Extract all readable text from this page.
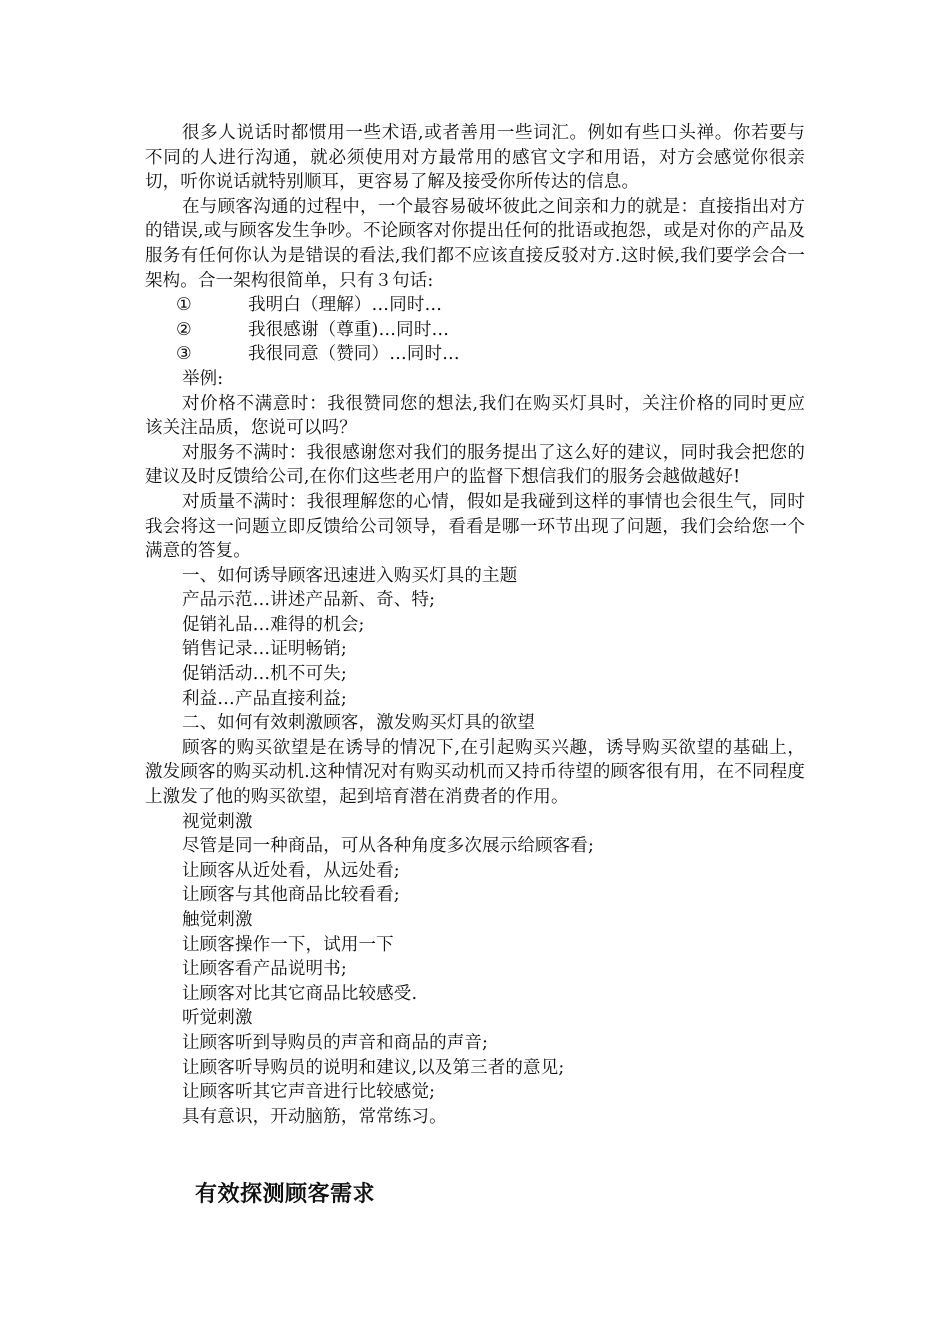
很多人说话时都惯用一些术语,或者善用一些词汇。例如有些口头禅。你若要与不同的人进行沟通，就必须使用对方最常用的感官文字和用语，对方会感觉你很亲切，听你说话就特别顺耳，更容易了解及接受你所传达的信息。

在与顾客沟通的过程中，一个最容易破坏彼此之间亲和力的就是：直接指出对方的错误,或与顾客发生争吵。不论顾客对你提出任何的批语或抱怨，或是对你的产品及服务有任何你认为是错误的看法,我们都不应该直接反驳对方.这时候,我们要学会合一架构。合一架构很简单，只有３句话:

①	我明白（理解）…同时…
②	我很感谢（尊重)…同时…
③	我很同意（赞同）…同时…

举例:

对价格不满意时：我很赞同您的想法,我们在购买灯具时，关注价格的同时更应该关注品质，您说可以吗？

对服务不满时：我很感谢您对我们的服务提出了这么好的建议，同时我会把您的建议及时反馈给公司,在你们这些老用户的监督下想信我们的服务会越做越好!

对质量不满时：我很理解您的心情，假如是我碰到这样的事情也会很生气，同时我会将这一问题立即反馈给公司领导，看看是哪一环节出现了问题，我们会给您一个满意的答复。

一、如何诱导顾客迅速进入购买灯具的主题

产品示范…讲述产品新、奇、特;

促销礼品…难得的机会;

销售记录…证明畅销;

促销活动…机不可失;

利益…产品直接利益;

二、如何有效刺激顾客，激发购买灯具的欲望

顾客的购买欲望是在诱导的情况下,在引起购买兴趣，诱导购买欲望的基础上，激发顾客的购买动机.这种情况对有购买动机而又持币待望的顾客很有用，在不同程度上激发了他的购买欲望，起到培育潜在消费者的作用。

视觉刺激

尽管是同一种商品，可从各种角度多次展示给顾客看;

让顾客从近处看，从远处看;

让顾客与其他商品比较看看;

触觉刺激

让顾客操作一下，试用一下

让顾客看产品说明书;

让顾客对比其它商品比较感受.

听觉刺激

让顾客听到导购员的声音和商品的声音;

让顾客听导购员的说明和建议,以及第三者的意见;

让顾客听其它声音进行比较感觉;

具有意识，开动脑筋，常常练习。

有效探测顾客需求
